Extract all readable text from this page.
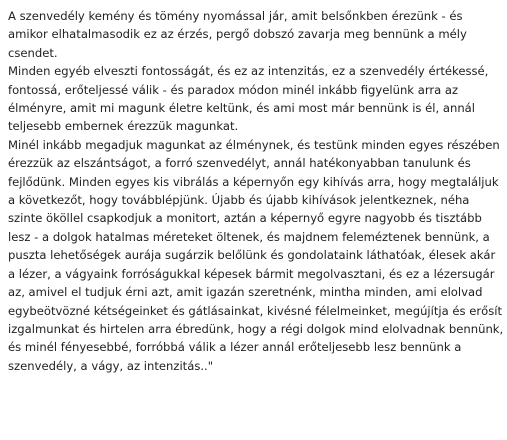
A szenvedély kemény és tömény nyomással jár, amit belsőnkben érezünk - és amikor elhatalmasodik ez az érzés, pergő dobszó zavarja meg bennünk a mély csendet.

Minden egyéb elveszti fontosságát, és ez az intenzitás, ez a szenvedély értékessé, fontossá, erőteljessé válik - és paradox módon minél inkább figyelünk arra az élményre, amit mi magunk életre keltünk, és ami most már bennünk is él, annál teljesebb embernek érezzük magunkat.

Minél inkább megadjuk magunkat az élménynek, és testünk minden egyes részében érezzük az elszántságot, a forró szenvedélyt, annál hatékonyabban tanulunk és fejlődünk. Minden egyes kis vibrálás a képernyőn egy kihívás arra, hogy megtaláljuk a következőt, hogy továbblépjünk. Újabb és újabb kihívások jelentkeznek, néha szinte ököllel csapkodjuk a monitort, aztán a képernyő egyre nagyobb és tisztább lesz - a dolgok hatalmas méreteket öltenek, és majdnem feleméztenek bennünk, a puszta lehetőségek aurája sugárzik belőlünk és gondolataink láthatóak, élesek akár a lézer, a vágyaink forróságukkal képesek bármit megolvasztani, és ez a lézersugár az, amivel el tudjuk érni azt, amit igazán szeretnénk, mintha minden, ami elolvad egybeötvözné kétségeinket és gátlásainkat, kivésné félelmeinket, megújítja és erősít izgalmunkat és hirtelen arra ébredünk, hogy a régi dolgok mind elolvadnak bennünk, és minél fényesebbé, forróbbá válik a lézer annál erőteljesebb lesz bennünk a szenvedély, a vágy, az intenzitás.."
